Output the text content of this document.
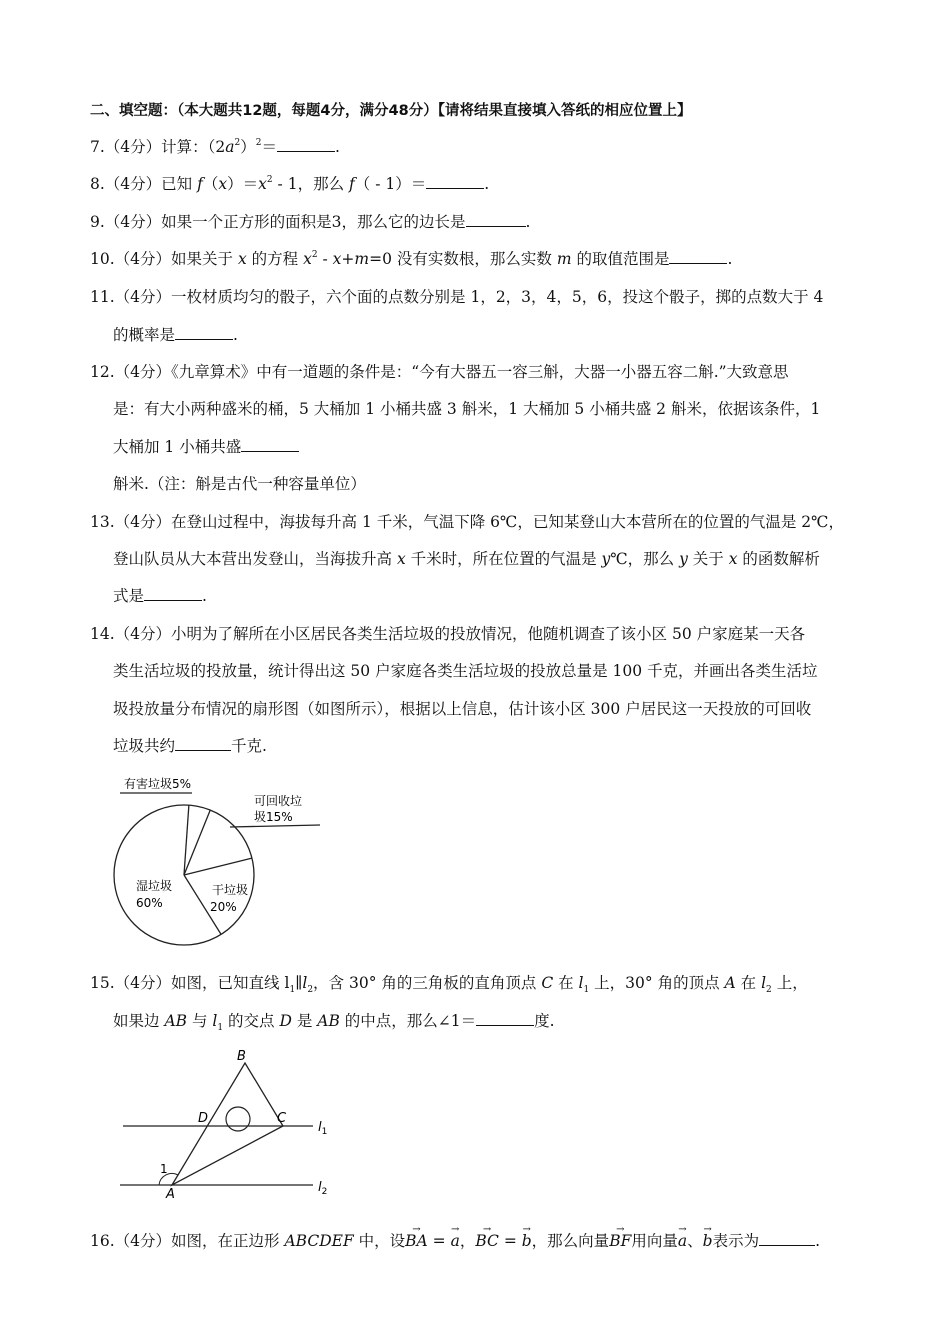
二、填空题：（本大题共12题，每题4分，满分48分）【请将结果直接填入答纸的相应位置上】
7.（4分）计算：$(2a^2)^2=$	.
8.（4分）已知 $f(x)=x^2 - 1$，那么 f（ - 1）＝	.
9.（4分）如果一个正方形的面积是3，那么它的边长是	.
10.（4分）如果关于 x 的方程 $x^2 - x+m=0$ 没有实数根，那么实数 m 的取值范围是	.
11.（4分）一枚材质均匀的骰子，六个面的点数分别是 1，2，3，4，5，6，投这个骰子，掷的点数大于 4
的概率是	.
12.（4分）《九章算术》中有一道题的条件是：“今有大器五一容三斛，大器一小器五容二斛.”大致意思
是：有大小两种盛米的桶，5 大桶加 1 小桶共盛 3 斛米，1 大桶加 5 小桶共盛 2 斛米，依据该条件，1
大桶加 1 小桶共盛
斛米.（注：斛是古代一种容量单位）
13.（4分）在登山过程中，海拔每升高 1 千米，气温下降 6℃，已知某登山大本营所在的位置的气温是 2℃，
登山队员从大本营出发登山，当海拔升高 x 千米时，所在位置的气温是 y℃，那么 y 关于 x 的函数解析
式是	.
14.（4分）小明为了解所在小区居民各类生活垃圾的投放情况，他随机调查了该小区 50 户家庭某一天各
类生活垃圾的投放量，统计得出这 50 户家庭各类生活垃圾的投放总量是 100 千克，并画出各类生活垃
圾投放量分布情况的扇形图（如图所示），根据以上信息，估计该小区 300 户居民这一天投放的可回收
垃圾共约	千克.
有害垃圾5%
可回收垃
圾15%
干垃圾
20%
湿垃圾
60%
15.（4分）如图，已知直线 $l_1\parallel l_2$，含 30° 角的三角板的直角顶点 C 在 $l_1$ 上，30° 角的顶点 A 在 $l_2$ 上，
如果边 AB 与 $l_1$ 的交点 D 是 AB 的中点，那么∠1＝	度.
B
D	C
A
1
$l_1$
$l_2$
16.（4分）如图，在正边形 ABCDEF 中，设→ BA = → a，→ BC = → b，那么向量→ BF用向量→ a、→ b表示为	.
